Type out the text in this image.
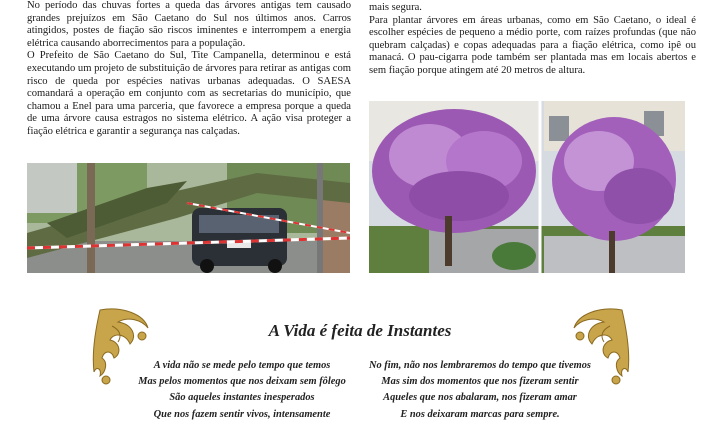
No período das chuvas fortes a queda das árvores antigas tem causado grandes prejuízos em São Caetano do Sul nos últimos anos. Carros atingidos, postes de fiação são riscos iminentes e interrompem a energia elétrica causando aborrecimentos para a população.

O Prefeito de São Caetano do Sul, Tite Campanella, determinou e está executando um projeto de substituição de árvores para retirar as antigas com risco de queda por espécies nativas urbanas adequadas. O SAESA comandará a operação em conjunto com as secretarias do município, que chamou a Enel para uma parceria, que favorece a empresa porque a queda de uma árvore causa estragos no sistema elétrico. A ação visa proteger a fiação elétrica e garantir a segurança nas calçadas.

mais segura.

Para plantar árvores em áreas urbanas, como em São Caetano, o ideal é escolher espécies de pequeno a médio porte, com raízes profundas (que não quebram calçadas) e copas adequadas para a fiação elétrica, como ipê ou manacá. O pau-cigarra pode também ser plantada mas em locais abertos e sem fiação porque atingem até 20 metros de altura.

A Vida é feita de Instantes
A vida não se mede pelo tempo que temos
Mas pelos momentos que nos deixam sem fôlego
São aqueles instantes inesperados
Que nos fazem sentir vivos, intensamente
No fim, não nos lembraremos do tempo que tivemos
Mas sim dos momentos que nos fizeram sentir
Aqueles que nos abalaram, nos fizeram amar
E nos deixaram marcas para sempre.
